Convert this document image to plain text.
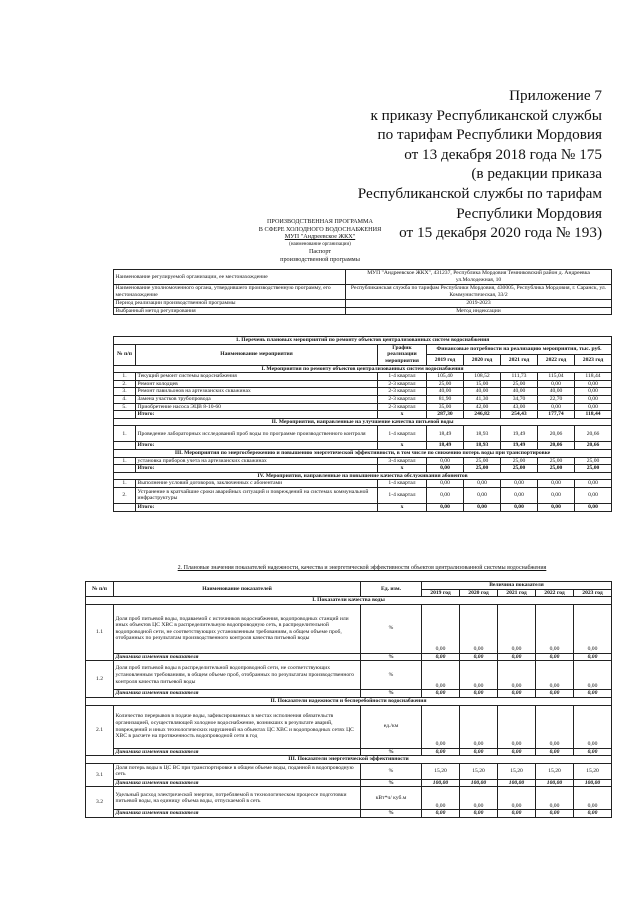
Приложение 7
к приказу Республиканской службы
по тарифам Республики Мордовия
от 13 декабря 2018 года № 175
(в редакции приказа
Республиканской службы по тарифам
Республики Мордовия
от 15 декабря 2020 года № 193)
ПРОИЗВОДСТВЕННАЯ ПРОГРАММА
В СФЕРЕ ХОЛОДНОГО ВОДОСНАБЖЕНИЯ
МУП "Андреевское ЖКХ"
(наименование организации)
Паспорт
производственной программы
Наименование регулируемой организации, ее местонахождение	МУП "Андреевское ЖКХ", 431237, Республика Мордовия Темниковский район д. Андреевка ул.Молодежная, 10
Наименование уполномоченного органа, утвердившего производственную программу, его местонахождение	Республиканская служба по тарифам Республики Мордовия, 430005, Республика Мордовия, г. Саранск, ул. Коммунистическая, 33/2
Период реализации производственной программы	2019-2023
Выбранный метод регулирования	Метод индексации
1. Перечень плановых мероприятий по ремонту объектов централизованных систем водоснабжения							
№ п/п	Наименование мероприятия	График реализации мероприятия	Финансовые потребности на реализацию мероприятия, тыс. руб.				
			2019 год	2020 год	2021 год	2022 год	2023 год
I. Мероприятия по ремонту объектов централизованных систем водоснабжения							
1.	Текущий ремонт системы водоснабжения	1-4 квартал	105,40	108,52	111,73	115,04	118,44
2.	Ремонт колодцев	2-3 квартал	25,00	15,00	25,00	0,00	0,00
3.	Ремонт павильонов на артезианских скважинах	2-3 квартал	40,00	40,00	40,00	40,00	0,00
4.	Замена участков трубопровода	2-3 квартал	81,90	41,30	34,70	22,70	0,00
5.	Приобретение насоса ЭЦВ 8-10-60	2-3 квартал	35,00	42,00	43,00	0,00	0,00
	Итого:	x	287,30	246,82	254,43	177,74	118,44
II. Мероприятия, направленные на улучшение качества питьевой воды							
1.	Проведение лабораторных исследований проб воды по программе производственного контроля	1-4 квартал	18,49	18,93	19,49	20,06	20,66
	Итого:	x	18,49	18,93	19,49	20,06	20,66
III. Мероприятия по энергосбережению и повышению энергетической эффективности, в том числе по снижению потерь воды при транспортировке							
1.	установка приборов учета на артезианских скважинах	3-4 квартал	0,00	25,00	25,00	25,00	25,00
	Итого:	x	0,00	25,00	25,00	25,00	25,00
IV. Мероприятия, направленные на повышение качества обслуживания абонентов							
1.	Выполнение условий договоров, заключенных с абонентами	1-4 квартал	0,00	0,00	0,00	0,00	0,00
2.	Устранение в кратчайшие сроки аварийных ситуаций и повреждений на системах коммунальной инфраструктуры	1-4 квартал	0,00	0,00	0,00	0,00	0,00
	Итого:	x	0,00	0,00	0,00	0,00	0,00
2. Плановые значения показателей надежности, качества и энергетической эффективности объектов централизованной системы водоснабжения
№ п/п	Наименование показателей	Ед. изм.	Величина показателя				
			2019 год	2020 год	2021 год	2022 год	2023 год
I. Показатели качества воды							
1.1	Доля проб питьевой воды, подаваемой с источников водоснабжения, водопроводных станций или иных объектов ЦС ХВС в распределительную водопроводную сеть, в распределительной водопроводной сети, не соответствующих установленным требованиям, в общем объеме проб, отобранных по результатам производственного контроля качества питьевой воды	%	0,00	0,00	0,00	0,00	0,00
	Динамика изменения показателя	%	0,00	0,00	0,00	0,00	0,00
1.2	Доля проб питьевой воды в распределительной водопроводной сети, не соответствующих установленным требованиям, в общем объеме проб, отобранных по результатам производственного контроля качества питьевой воды	%	0,00	0,00	0,00	0,00	0,00
	Динамика изменения показателя	%	0,00	0,00	0,00	0,00	0,00
II. Показатели надежности и бесперебойности водоснабжения							
2.1	Количество перерывов в подаче воды, зафиксированных в местах исполнения обязательств организацией, осуществляющей холодное водоснабжение, возникших в результате аварий, повреждений и иных технологических нарушений на объектах ЦС ХВС и водопроводных сетях ЦС ХВС в расчете на протяженность водопроводной сети в год	ед./км	0,00	0,00	0,00	0,00	0,00
	Динамика изменения показателя	%	0,00	0,00	0,00	0,00	0,00
III. Показатели энергетической эффективности							
3.1	Доля потерь воды в ЦС ВС при транспортировке в общем объеме воды, поданной в водопроводную сеть	%	15,20	15,20	15,20	15,20	15,20
	Динамика изменения показателя	%	100,00	100,00	100,00	100,00	100,00
3.2	Удельный расход электрической энергии, потребляемой в технологическом процессе подготовки питьевой воды, на единицу объема воды, отпускаемой в сеть	кВт*ч/ куб.м	0,00	0,00	0,00	0,00	0,00
	Динамика изменения показателя	%	0,00	0,00	0,00	0,00	0,00
